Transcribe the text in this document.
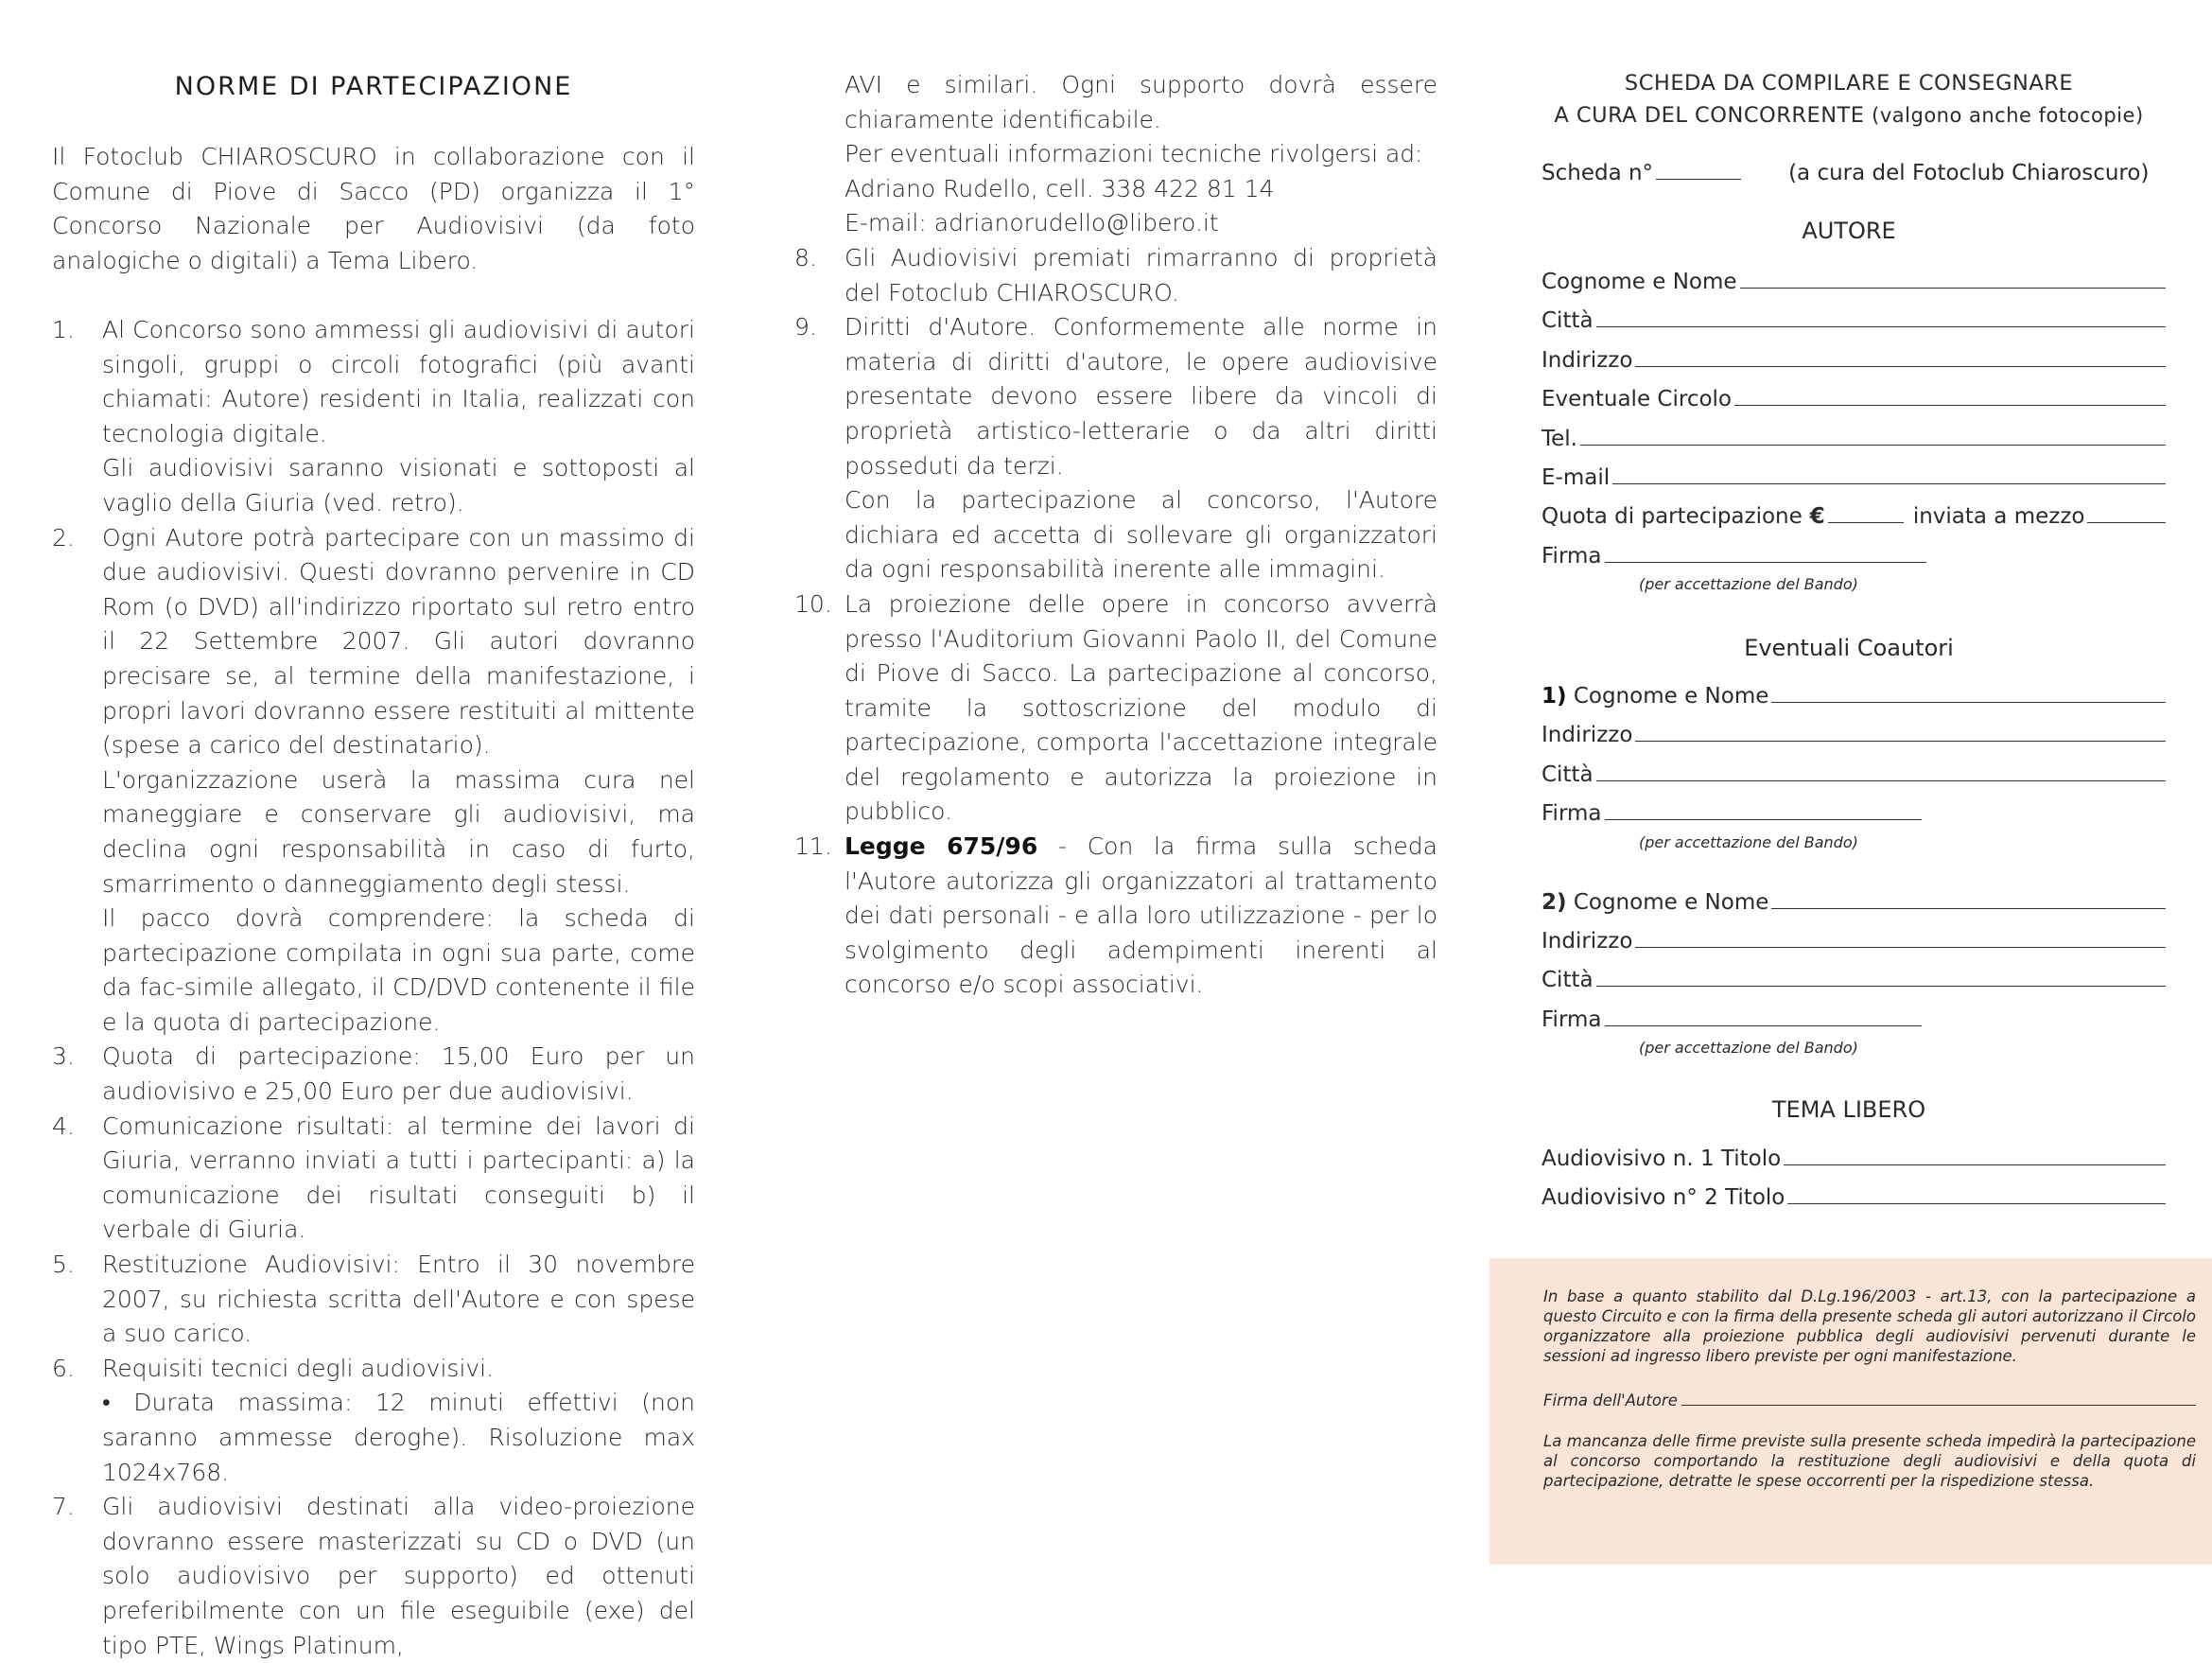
NORME DI PARTECIPAZIONE
Il Fotoclub CHIAROSCURO in collaborazione con il Comune di Piove di Sacco (PD) organizza il 1° Concorso Nazionale per Audiovisivi (da foto analogiche o digitali) a Tema Libero.
1.	Al Concorso sono ammessi gli audiovisivi di autori singoli, gruppi o circoli fotografici (più avanti chiamati: Autore) residenti in Italia, realizzati con tecnologia digitale.

Gli audiovisivi saranno visionati e sottoposti al vaglio della Giuria (ved. retro).

2.	Ogni Autore potrà partecipare con un massimo di due audiovisivi. Questi dovranno pervenire in CD Rom (o DVD) all'indirizzo riportato sul retro entro il 22 Settembre 2007. Gli autori dovranno precisare se, al termine della manifestazione, i propri lavori dovranno essere restituiti al mittente (spese a carico del destinatario).

L'organizzazione userà la massima cura nel maneggiare e conservare gli audiovisivi, ma declina ogni responsabilità in caso di furto, smarrimento o danneggiamento degli stessi.

Il pacco dovrà comprendere: la scheda di partecipazione compilata in ogni sua parte, come da fac-simile allegato, il CD/DVD contenente il file e la quota di partecipazione.

3.	Quota di partecipazione: 15,00 Euro per un audiovisivo e 25,00 Euro per due audiovisivi.

4.	Comunicazione risultati: al termine dei lavori di Giuria, verranno inviati a tutti i partecipanti: a) la comunicazione dei risultati conseguiti b) il verbale di Giuria.

5.	Restituzione Audiovisivi: Entro il 30 novembre 2007, su richiesta scritta dell'Autore e con spese a suo carico.

6.	Requisiti tecnici degli audiovisivi.

• Durata massima: 12 minuti effettivi (non saranno ammesse deroghe). Risoluzione max 1024x768.

7.	Gli audiovisivi destinati alla video-proiezione dovranno essere masterizzati su CD o DVD (un solo audiovisivo per supporto) ed ottenuti preferibilmente con un file eseguibile (exe) del tipo PTE, Wings Platinum,

AVI e similari. Ogni supporto dovrà essere chiaramente identificabile.

Per eventuali informazioni tecniche rivolgersi ad:

Adriano Rudello, cell. 338 422 81 14

E-mail: adrianorudello@libero.it

8.	Gli Audiovisivi premiati rimarranno di proprietà del Fotoclub CHIAROSCURO.

9.	Diritti d'Autore. Conformemente alle norme in materia di diritti d'autore, le opere audiovisive presentate devono essere libere da vincoli di proprietà artistico-letterarie o da altri diritti posseduti da terzi.

Con la partecipazione al concorso, l'Autore dichiara ed accetta di sollevare gli organizzatori da ogni responsabilità inerente alle immagini.

10. La proiezione delle opere in concorso avverrà presso l'Auditorium Giovanni Paolo II, del Comune di Piove di Sacco. La partecipazione al concorso, tramite la sottoscrizione del modulo di partecipazione, comporta l'accettazione integrale del regolamento e autorizza la proiezione in pubblico.

11. Legge 675/96 - Con la firma sulla scheda l'Autore autorizza gli organizzatori al trattamento dei dati personali - e alla loro utilizzazione - per lo svolgimento degli adempimenti inerenti al concorso e/o scopi associativi.

SCHEDA DA COMPILARE E CONSEGNARE
A CURA DEL CONCORRENTE (valgono anche fotocopie)
Scheda n°	(a cura del Fotoclub Chiaroscuro)
AUTORE
Cognome e Nome
Città
Indirizzo
Eventuale Circolo
Tel.
E-mail
Quota di partecipazione €	inviata a mezzo
Firma
(per accettazione del Bando)
Eventuali Coautori
1) Cognome e Nome
Indirizzo
Città
Firma
(per accettazione del Bando)
2) Cognome e Nome
Indirizzo
Città
Firma
(per accettazione del Bando)
TEMA LIBERO
Audiovisivo n. 1 Titolo
Audiovisivo n° 2 Titolo
In base a quanto stabilito dal D.Lg.196/2003 - art.13, con la partecipazione a questo Circuito e con la firma della presente scheda gli autori autorizzano il Circolo organizzatore alla proiezione pubblica degli audiovisivi pervenuti durante le sessioni ad ingresso libero previste per ogni manifestazione.
Firma dell'Autore
La mancanza delle firme previste sulla presente scheda impedirà la partecipazione al concorso comportando la restituzione degli audiovisivi e della quota di partecipazione, detratte le spese occorrenti per la rispedizione stessa.
